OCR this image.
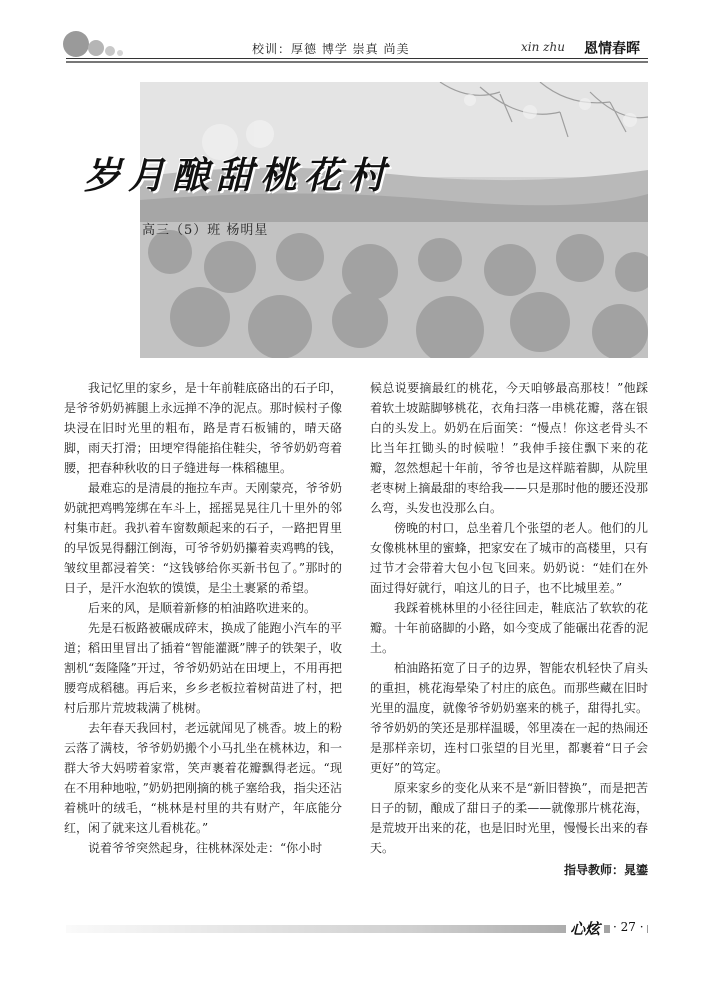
校训：厚德 博学 崇真 尚美	xin zhu 恩情春晖
岁月酿甜桃花村
高三（5）班 杨明星

我记忆里的家乡，是十年前鞋底硌出的石子印，是爷爷奶奶裤腿上永远掸不净的泥点。那时候村子像块浸在旧时光里的粗布，路是青石板铺的，晴天硌脚，雨天打滑；田埂窄得能掐住鞋尖，爷爷奶奶弯着腰，把春种秋收的日子缝进每一株稻穗里。

最难忘的是清晨的拖拉车声。天刚蒙亮，爷爷奶奶就把鸡鸭笼绑在车斗上，摇摇晃晃往几十里外的邻村集市赶。我扒着车窗数颠起来的石子，一路把胃里的早饭晃得翻江倒海，可爷爷奶奶攥着卖鸡鸭的钱，皱纹里都浸着笑：“这钱够给你买新书包了。”那时的日子，是汗水泡软的馍馍，是尘土裹紧的希望。

后来的风，是顺着新修的柏油路吹进来的。

先是石板路被碾成碎末，换成了能跑小汽车的平道；稻田里冒出了插着“智能灌溉”牌子的铁架子，收割机“轰隆隆”开过，爷爷奶奶站在田埂上，不用再把腰弯成稻穗。再后来，乡乡老板拉着树苗进了村，把村后那片荒坡栽满了桃树。

去年春天我回村，老远就闻见了桃香。坡上的粉云落了满枝，爷爷奶奶搬个小马扎坐在桃林边，和一群大爷大妈唠着家常，笑声裹着花瓣飘得老远。“现在不用种地啦，”奶奶把刚摘的桃子塞给我，指尖还沾着桃叶的绒毛，“桃林是村里的共有财产，年底能分红，闲了就来这儿看桃花。”

说着爷爷突然起身，往桃林深处走：“你小时

候总说要摘最红的桃花，今天咱够最高那枝！”他踩着软土坡踮脚够桃花，衣角扫落一串桃花瓣，落在银白的头发上。奶奶在后面笑：“慢点！你这老骨头不比当年扛锄头的时候啦！”我伸手接住飘下来的花瓣，忽然想起十年前，爷爷也是这样踮着脚，从院里老枣树上摘最甜的枣给我——只是那时他的腰还没那么弯，头发也没那么白。

傍晚的村口，总坐着几个张望的老人。他们的儿女像桃林里的蜜蜂，把家安在了城市的高楼里，只有过节才会带着大包小包飞回来。奶奶说：“娃们在外面过得好就行，咱这儿的日子，也不比城里差。”

我踩着桃林里的小径往回走，鞋底沾了软软的花瓣。十年前硌脚的小路，如今变成了能碾出花香的泥土。

柏油路拓宽了日子的边界，智能农机轻快了肩头的重担，桃花海晕染了村庄的底色。而那些藏在旧时光里的温度，就像爷爷奶奶塞来的桃子，甜得扎实。爷爷奶奶的笑还是那样温暖，邻里凑在一起的热闹还是那样亲切，连村口张望的目光里，都裹着“日子会更好”的笃定。

原来家乡的变化从来不是“新旧替换”，而是把苦日子的韧，酿成了甜日子的柔——就像那片桃花海，是荒坡开出来的花，也是旧时光里，慢慢长出来的春天。

指导教师：晁鎏
心炫	· 27 ·
